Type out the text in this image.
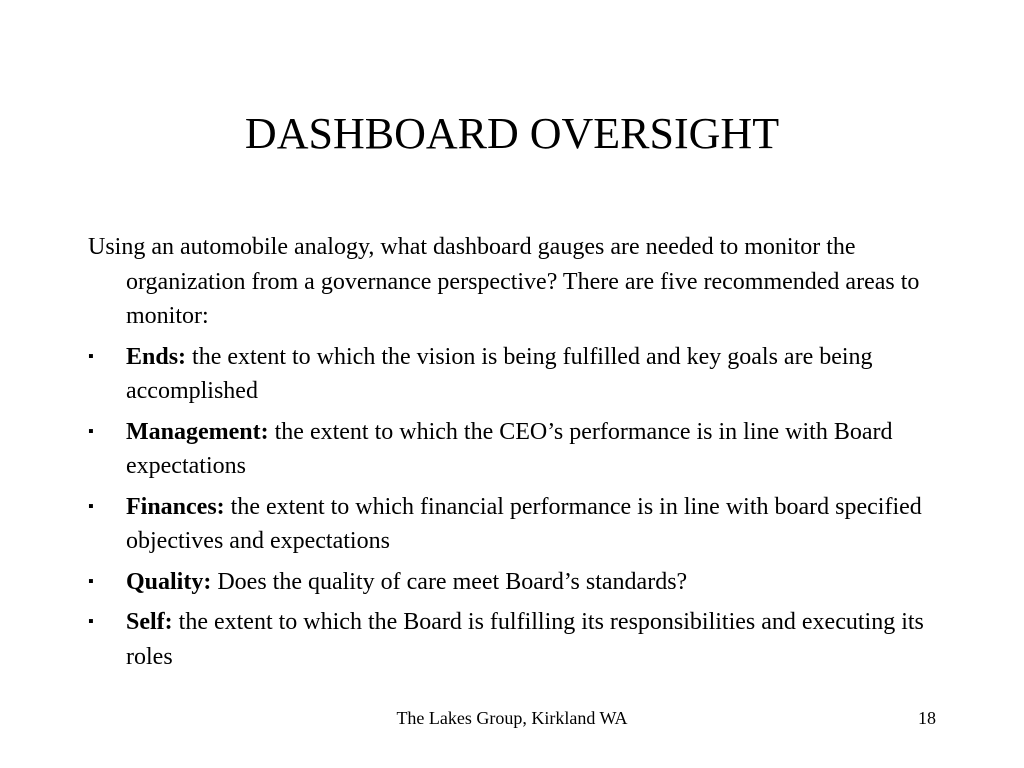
DASHBOARD OVERSIGHT

Using an automobile analogy, what dashboard gauges are needed to monitor the organization from a governance perspective? There are five recommended areas to monitor:

▪ Ends: the extent to which the vision is being fulfilled and key goals are being accomplished
▪ Management: the extent to which the CEO’s performance is in line with Board expectations
▪ Finances: the extent to which financial performance is in line with board specified objectives and expectations
▪ Quality: Does the quality of care meet Board’s standards?
▪ Self: the extent to which the Board is fulfilling its responsibilities and executing its roles
The Lakes Group, Kirkland WA	18
